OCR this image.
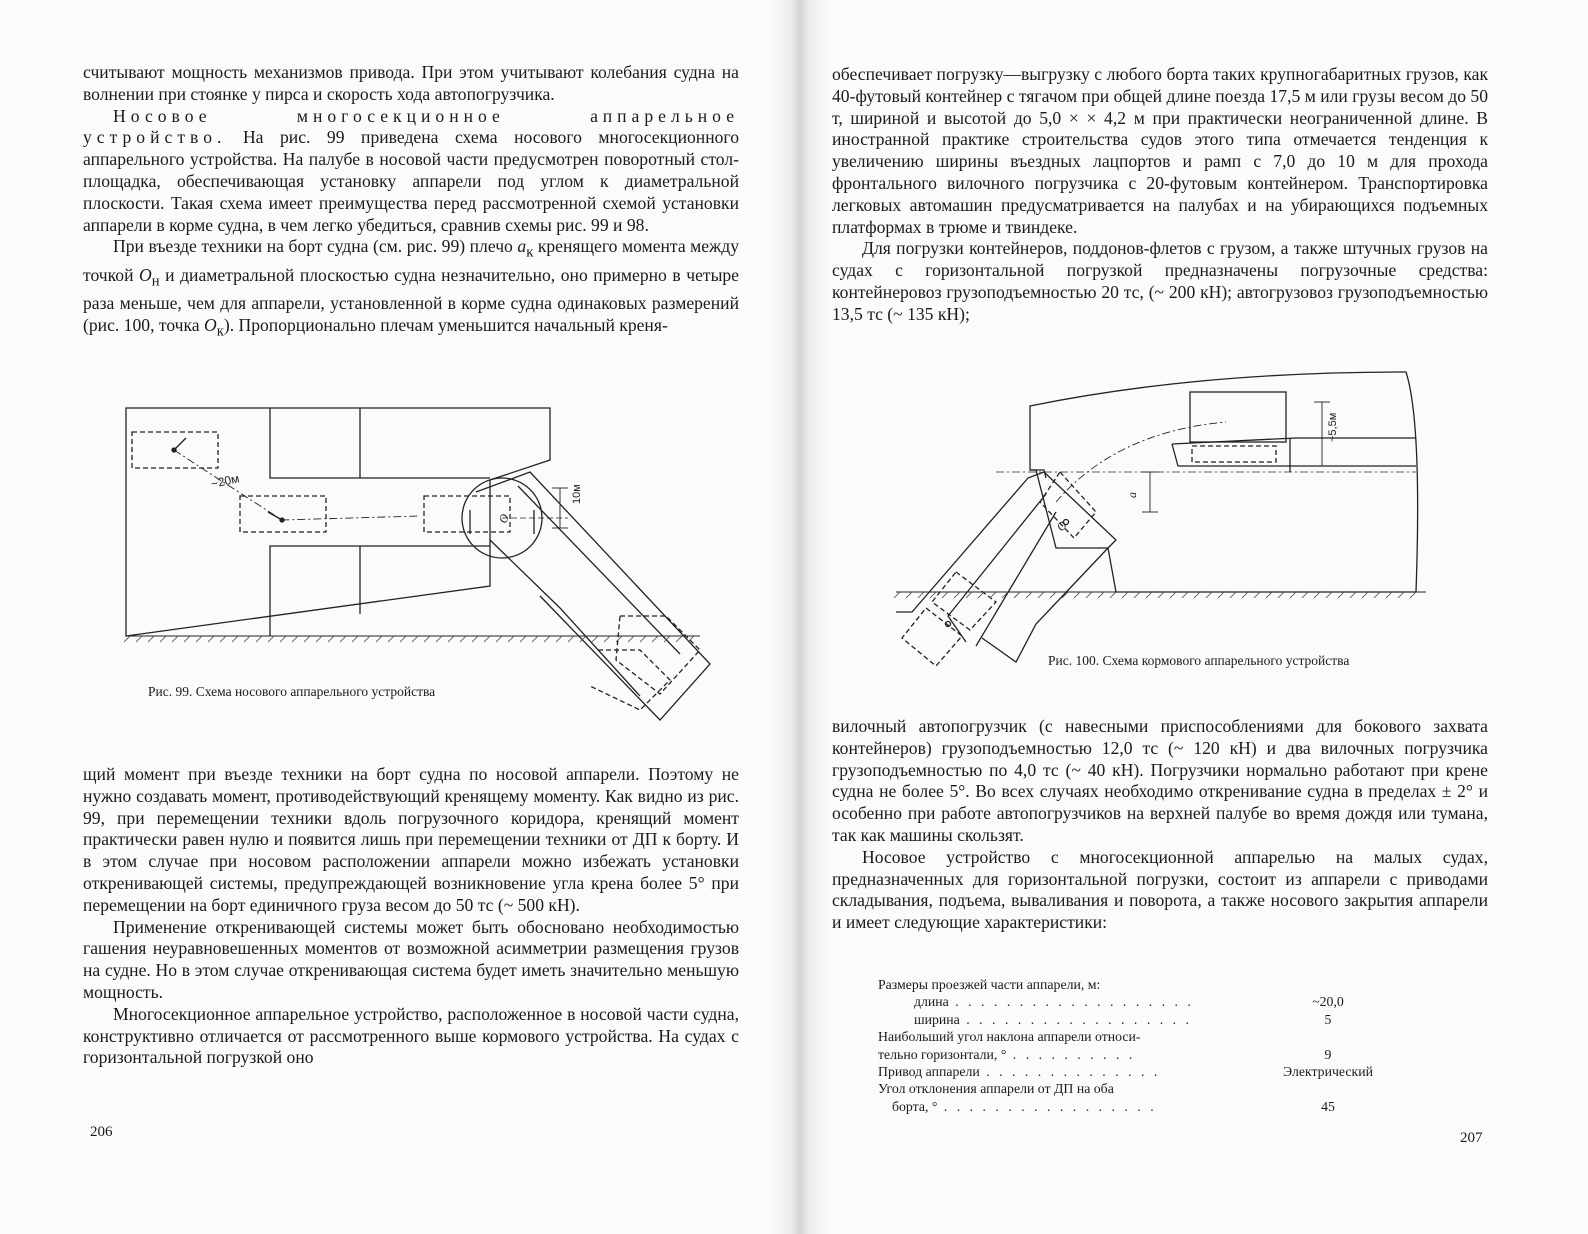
считывают мощность механизмов привода. При этом учитывают колебания судна на волнении при стоянке у пирса и скорость хода автопогрузчика.

Носовое многосекционное аппарельное устройство. На рис. 99 приведена схема носового многосекционного аппарельного устройства. На палубе в носовой части предусмотрен поворотный стол-площадка, обеспечивающая установку аппарели под углом к диаметральной плоскости. Такая схема имеет преимущества перед рассмотренной схемой установки аппарели в корме судна, в чем легко убедиться, сравнив схемы рис. 99 и 98.

При въезде техники на борт судна (см. рис. 99) плечо $a_к$ кренящего момента между точкой $O_н$ и диаметральной плоскостью судна незначительно, оно примерно в четыре раза меньше, чем для аппарели, установленной в корме судна одинаковых размерений (рис. 100, точка $O_к$). Пропорционально плечам уменьшится начальный креня-

~20м
10м
O
Рис. 99. Схема носового аппарельного устройства

щий момент при въезде техники на борт судна по носовой аппарели. Поэтому не нужно создавать момент, противодействующий кренящему моменту. Как видно из рис. 99, при перемещении техники вдоль погрузочного коридора, кренящий момент практически равен нулю и появится лишь при перемещении техники от ДП к борту. И в этом случае при носовом расположении аппарели можно избежать установки откренивающей системы, предупреждающей возникновение угла крена более 5° при перемещении на борт единичного груза весом до 50 тс (~ 500 кН).

Применение откренивающей системы может быть обосновано необходимостью гашения неуравновешенных моментов от возможной асимметрии размещения грузов на судне. Но в этом случае откренивающая система будет иметь значительно меньшую мощность.

Многосекционное аппарельное устройство, расположенное в носовой части судна, конструктивно отличается от рассмотренного выше кормового устройства. На судах с горизонтальной погрузкой оно

206

обеспечивает погрузку—выгрузку с любого борта таких крупногабаритных грузов, как 40-футовый контейнер с тягачом при общей длине поезда 17,5 м или грузы весом до 50 т, шириной и высотой до 5,0 × × 4,2 м при практически неограниченной длине. В иностранной практике строительства судов этого типа отмечается тенденция к увеличению ширины въездных лацпортов и рамп с 7,0 до 10 м для прохода фронтального вилочного погрузчика с 20-футовым контейнером. Транспортировка легковых автомашин предусматривается на палубах и на убирающихся подъемных платформах в трюме и твиндеке.

Для погрузки контейнеров, поддонов-флетов с грузом, а также штучных грузов на судах с горизонтальной погрузкой предназначены погрузочные средства: контейнеровоз грузоподъемностью 20 тс, (~ 200 кН); автогрузовоз грузоподъемностью 13,5 тс (~ 135 кН);

~5,5м
a
O
Рис. 100. Схема кормового аппарельного устройства

вилочный автопогрузчик (с навесными приспособлениями для бокового захвата контейнеров) грузоподъемностью 12,0 тс (~ 120 кН) и два вилочных погрузчика грузоподъемностью по 4,0 тс (~ 40 кН). Погрузчики нормально работают при крене судна не более 5°. Во всех случаях необходимо откренивание судна в пределах ± 2° и особенно при работе автопогрузчиков на верхней палубе во время дождя или тумана, так как машины скользят.

Носовое устройство с многосекционной аппарелью на малых судах, предназначенных для горизонтальной погрузки, состоит из аппарели с приводами складывания, подъема, вываливания и поворота, а также носового закрытия аппарели и имеет следующие характеристики:

Размеры проезжей части аппарели, м:
длина . . . . . . . . . . . . . . . . . . .	~20,0
ширина . . . . . . . . . . . . . . . . . .	5
Наибольший угол наклона аппарели относи-
тельно горизонтали, ° . . . . . . . . . .	9
Привод аппарели . . . . . . . . . . . . . .	Электрический
Угол отклонения аппарели от ДП на оба
борта, ° . . . . . . . . . . . . . . . . .	45
207
